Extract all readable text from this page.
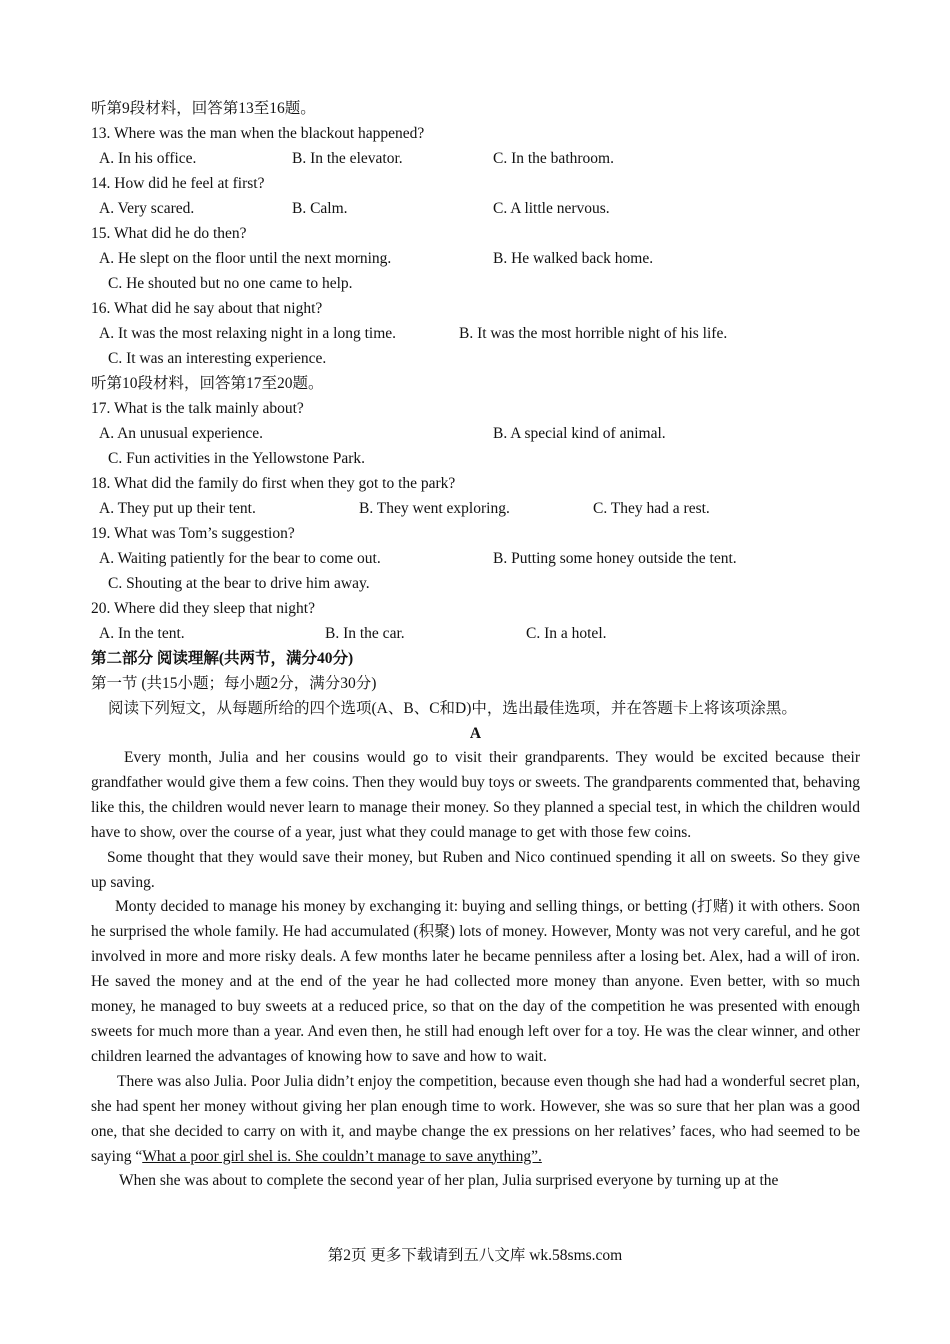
听第9段材料，回答第13至16题。
13. Where was the man when the blackout happened?
A. In his office.	B. In the elevator.	C. In the bathroom.
14. How did he feel at first?
A. Very scared.	B. Calm.	C. A little nervous.
15. What did he do then?
A. He slept on the floor until the next morning.	B. He walked back home.
C. He shouted but no one came to help.
16. What did he say about that night?
A. It was the most relaxing night in a long time.	B. It was the most horrible night of his life.
C. It was an interesting experience.
听第10段材料，回答第17至20题。
17. What is the talk mainly about?
A. An unusual experience.	B. A special kind of animal.
C. Fun activities in the Yellowstone Park.
18. What did the family do first when they got to the park?
A. They put up their tent.	B. They went exploring.	C. They had a rest.
19. What was Tom’s suggestion?
A. Waiting patiently for the bear to come out.	B. Putting some honey outside the tent.
C. Shouting at the bear to drive him away.
20. Where did they sleep that night?
A. In the tent.	B. In the car.	C. In a hotel.
第二部分 阅读理解(共两节，满分40分)
第一节 (共15小题；每小题2分，满分30分)
阅读下列短文，从每题所给的四个选项(A、B、C和D)中，选出最佳选项，并在答题卡上将该项涂黑。
A

Every month, Julia and her cousins would go to visit their grandparents. They would be excited because their grandfather would give them a few coins. Then they would buy toys or sweets. The grandparents commented that, behaving like this, the children would never learn to manage their money. So they planned a special test, in which the children would have to show, over the course of a year, just what they could manage to get with those few coins.

Some thought that they would save their money, but Ruben and Nico continued spending it all on sweets. So they give up saving.

Monty decided to manage his money by exchanging it: buying and selling things, or betting (打赌) it with others. Soon he surprised the whole family. He had accumulated (积聚) lots of money. However, Monty was not very careful, and he got involved in more and more risky deals. A few months later he became penniless after a losing bet. Alex, had a will of iron. He saved the money and at the end of the year he had collected more money than anyone. Even better, with so much money, he managed to buy sweets at a reduced price, so that on the day of the competition he was presented with enough sweets for much more than a year. And even then, he still had enough left over for a toy. He was the clear winner, and other children learned the advantages of knowing how to save and how to wait.

There was also Julia. Poor Julia didn’t enjoy the competition, because even though she had had a wonderful secret plan, she had spent her money without giving her plan enough time to work. However, she was so sure that her plan was a good one, that she decided to carry on with it, and maybe change the ex pressions on her relatives’ faces, who had seemed to be saying “What a poor girl shel is. She couldn’t manage to save anything”.

When she was about to complete the second year of her plan, Julia surprised everyone by turning up at the

第2页 更多下载请到五八文库 wk.58sms.com
